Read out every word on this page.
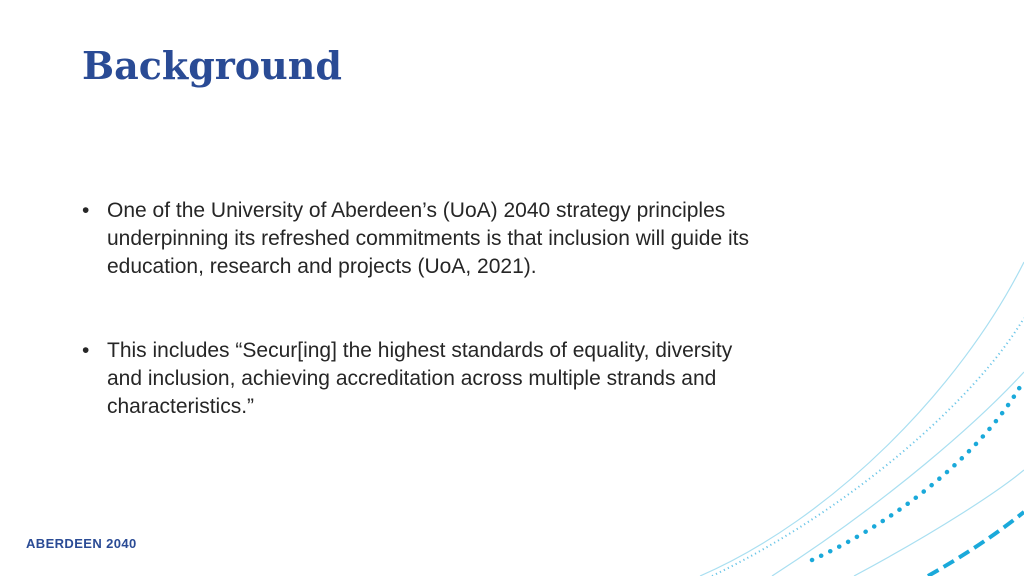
Background
• One of the University of Aberdeen’s (UoA) 2040 strategy principles underpinning its refreshed commitments is that inclusion will guide its education, research and projects (UoA, 2021).
• This includes “Secur[ing] the highest standards of equality, diversity and inclusion, achieving accreditation across multiple strands and characteristics.”
ABERDEEN 2040
